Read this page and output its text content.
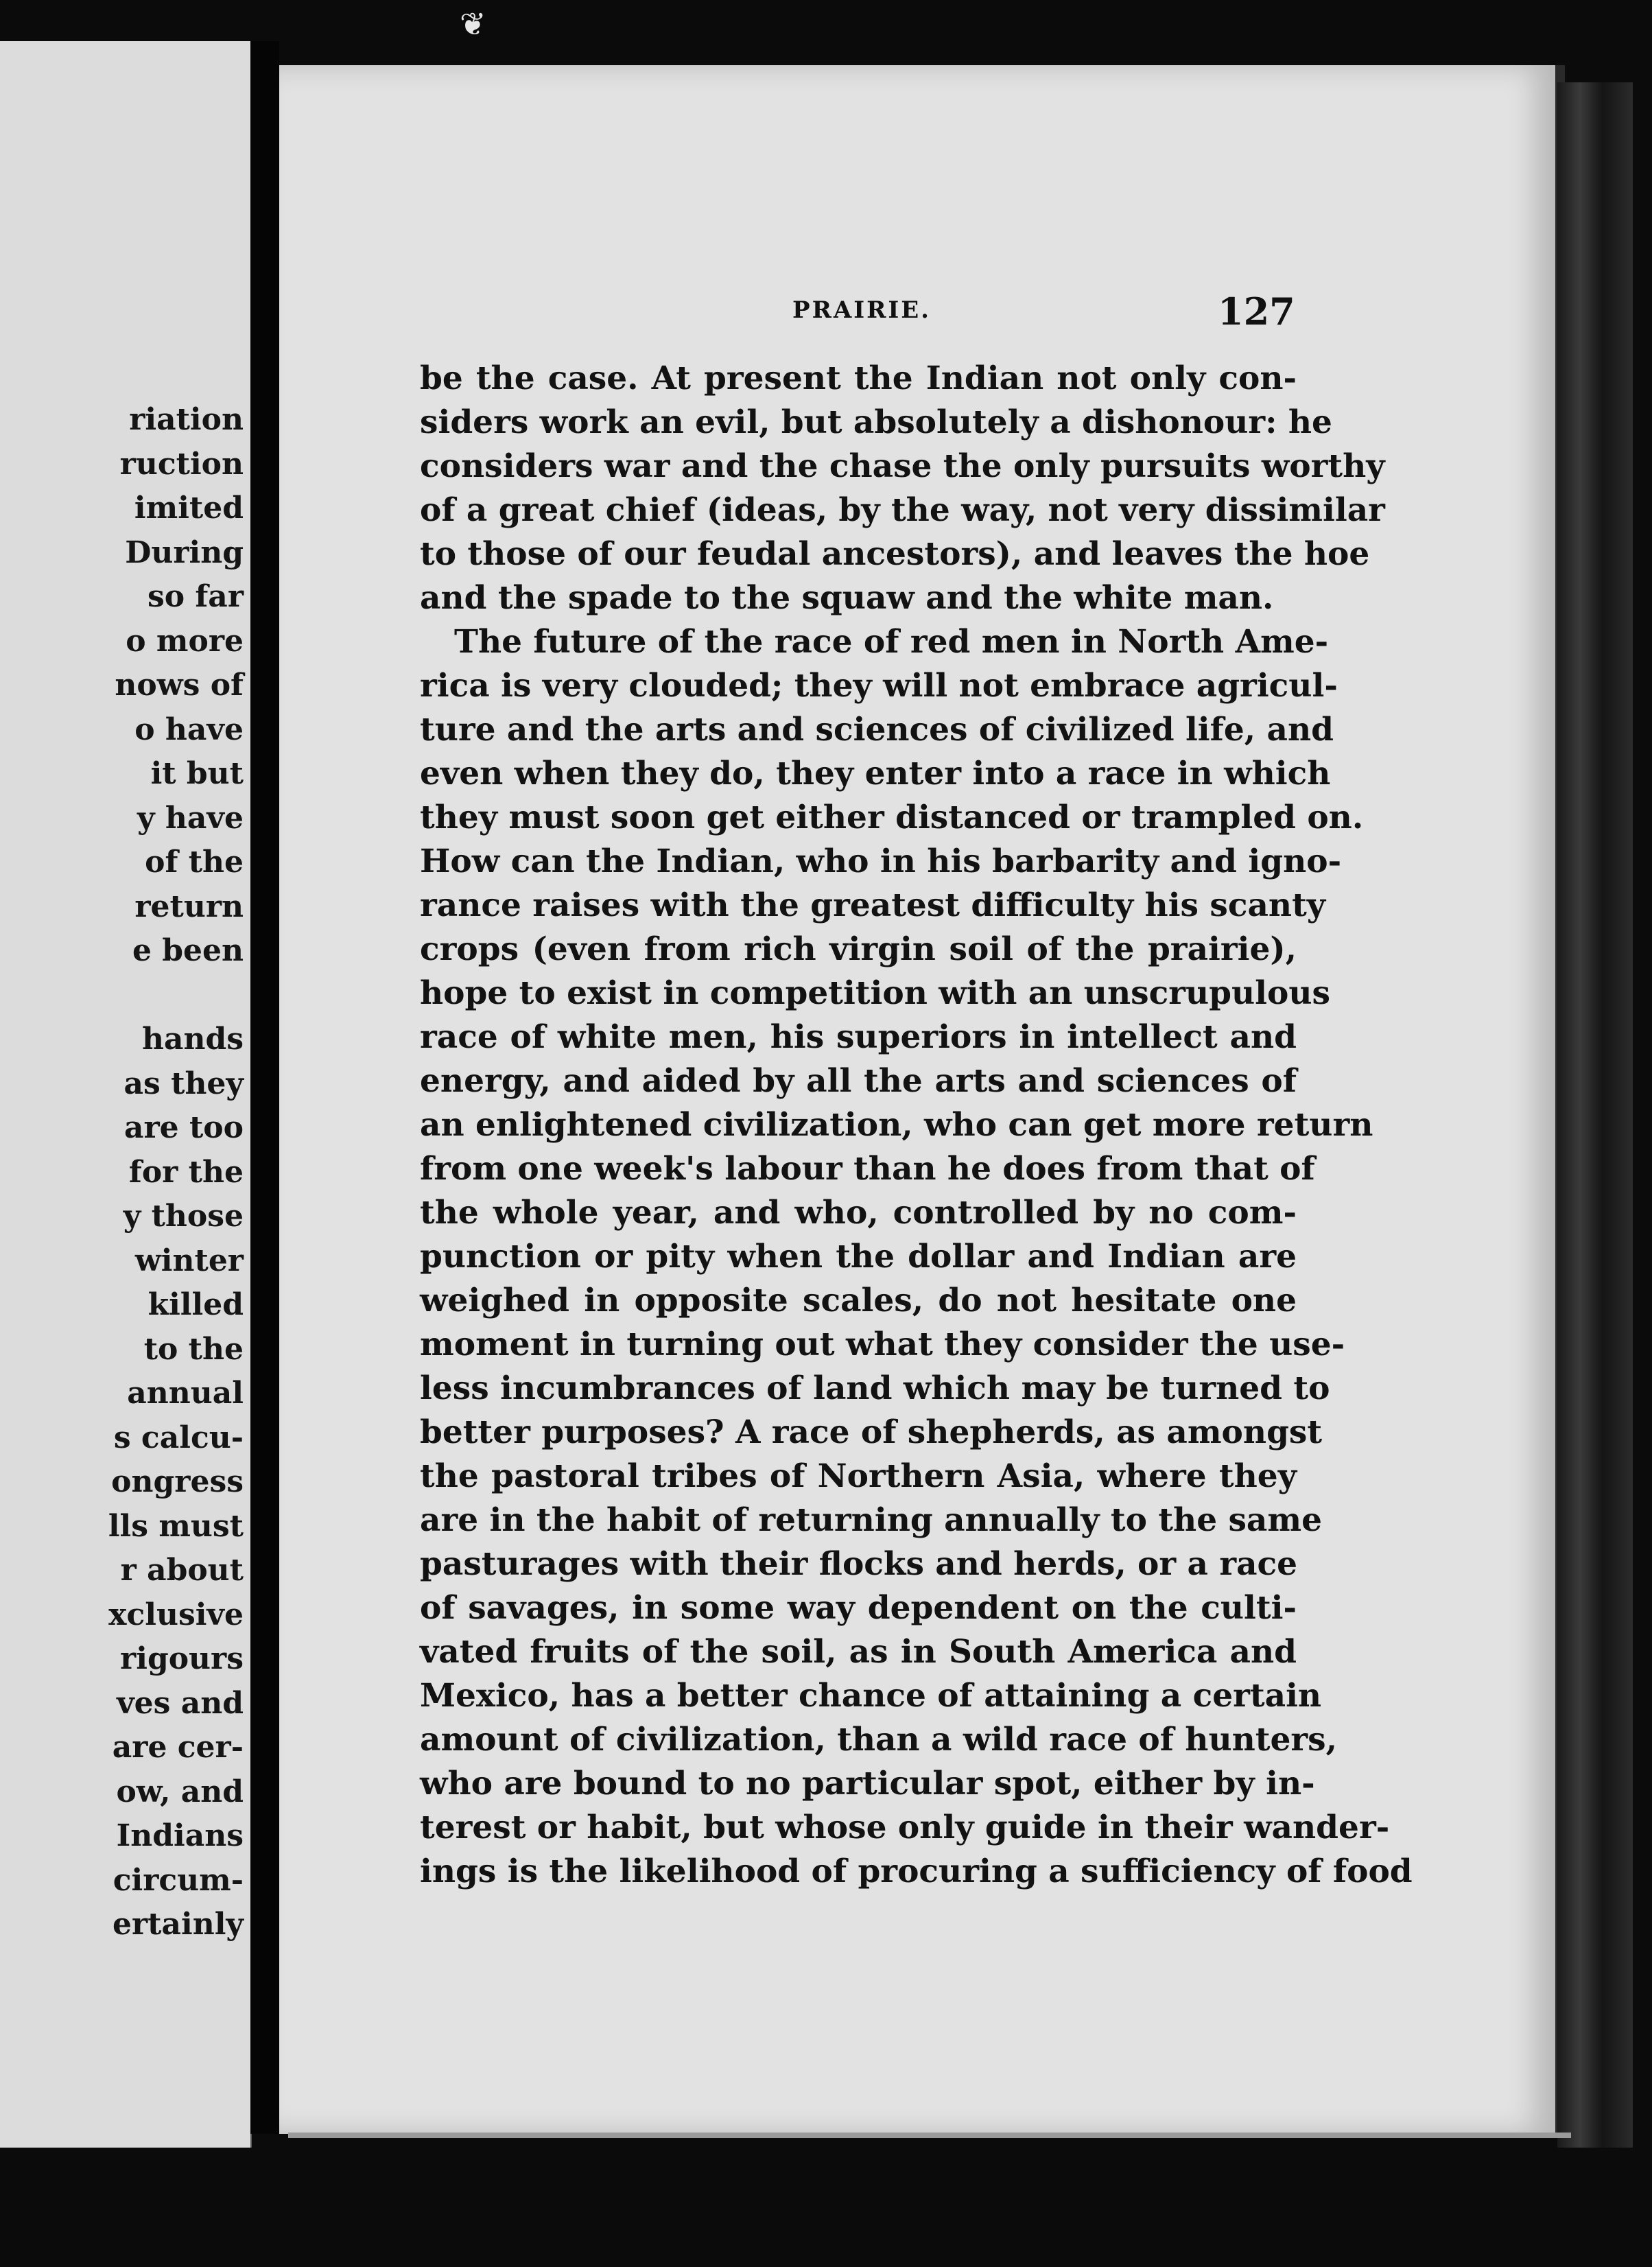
❦
riation
ruction
imited
During
so far
o more
nows of
o have
it but
y have
of the
return
e been
hands
as they
are too
for the
y those
winter
killed
to the
annual
s calcu-
ongress
lls must
r about
xclusive
rigours
ves and
are cer-
ow, and
Indians
circum-
ertainly
PRAIRIE.	127
be the case. At present the Indian not only con-
siders work an evil, but absolutely a dishonour: he
considers war and the chase the only pursuits worthy
of a great chief (ideas, by the way, not very dissimilar
to those of our feudal ancestors), and leaves the hoe
and the spade to the squaw and the white man.
The future of the race of red men in North Ame-
rica is very clouded; they will not embrace agricul-
ture and the arts and sciences of civilized life, and
even when they do, they enter into a race in which
they must soon get either distanced or trampled on.
How can the Indian, who in his barbarity and igno-
rance raises with the greatest difficulty his scanty
crops (even from rich virgin soil of the prairie),
hope to exist in competition with an unscrupulous
race of white men, his superiors in intellect and
energy, and aided by all the arts and sciences of
an enlightened civilization, who can get more return
from one week's labour than he does from that of
the whole year, and who, controlled by no com-
punction or pity when the dollar and Indian are
weighed in opposite scales, do not hesitate one
moment in turning out what they consider the use-
less incumbrances of land which may be turned to
better purposes? A race of shepherds, as amongst
the pastoral tribes of Northern Asia, where they
are in the habit of returning annually to the same
pasturages with their flocks and herds, or a race
of savages, in some way dependent on the culti-
vated fruits of the soil, as in South America and
Mexico, has a better chance of attaining a certain
amount of civilization, than a wild race of hunters,
who are bound to no particular spot, either by in-
terest or habit, but whose only guide in their wander-
ings is the likelihood of procuring a sufficiency of food
